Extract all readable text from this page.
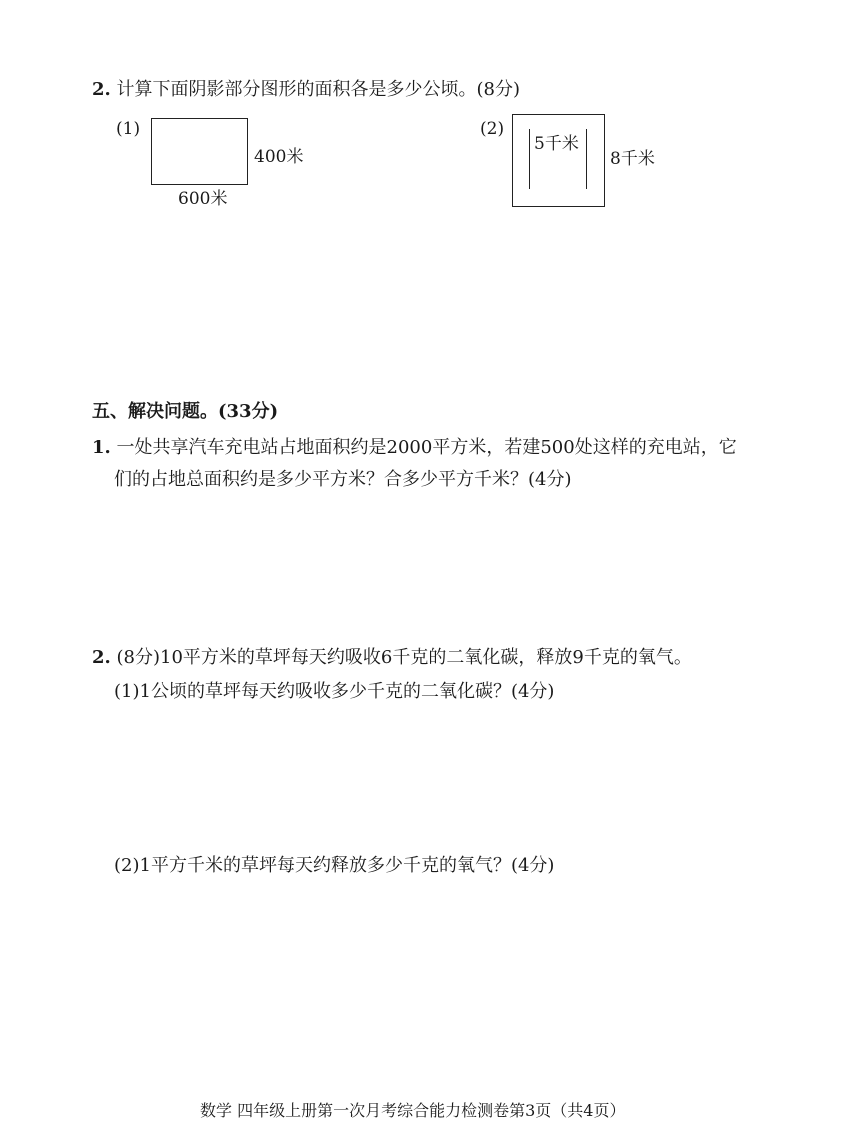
2. 计算下面阴影部分图形的面积各是多少公顷。(8分)
(1)
400米
600米
(2)
5千米
8千米
五、解决问题。(33分)
1. 一处共享汽车充电站占地面积约是2000平方米，若建500处这样的充电站，它
们的占地总面积约是多少平方米？合多少平方千米？(4分)
2. (8分)10平方米的草坪每天约吸收6千克的二氧化碳，释放9千克的氧气。
(1)1公顷的草坪每天约吸收多少千克的二氧化碳？(4分)
(2)1平方千米的草坪每天约释放多少千克的氧气？(4分)
数学 四年级上册第一次月考综合能力检测卷第3页（共4页）
